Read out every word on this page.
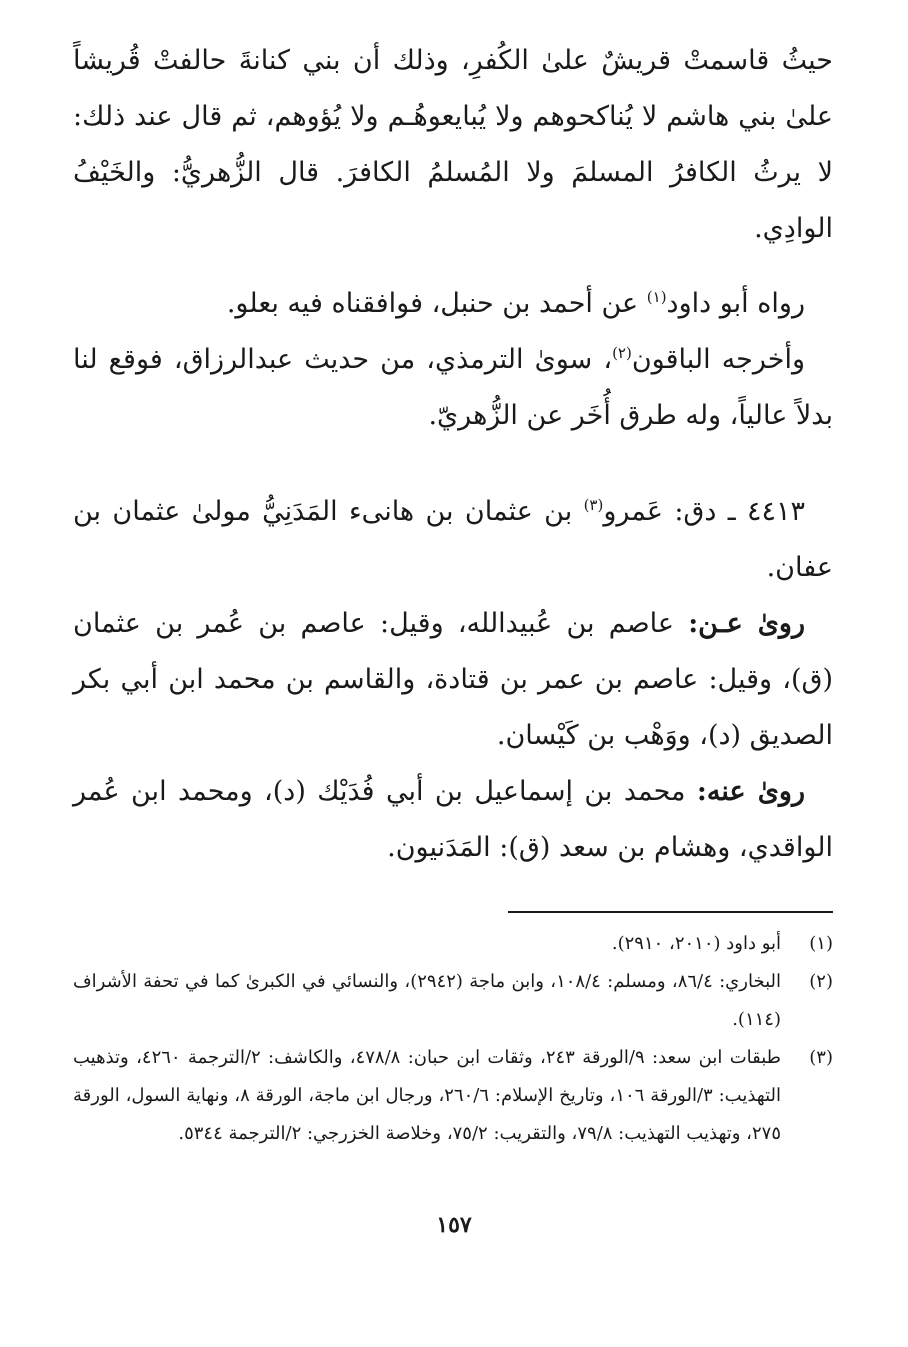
حيثُ قاسمتْ قريشٌ علىٰ الكُفرِ، وذلك أن بني كنانةَ حالفتْ قُريشاً علىٰ بني هاشم لا يُناكحوهم ولا يُبايعوهُـم ولا يُؤوهم، ثم قال عند ذلك: لا يرثُ الكافرُ المسلمَ ولا المُسلمُ الكافرَ. قال الزُّهريُّ: والخَيْفُ الوادِي.

رواه أبو داود$^{(١)}$ عن أحمد بن حنبل، فوافقناه فيه بعلو.

وأخرجه الباقون$^{(٢)}$، سوىٰ الترمذي، من حديث عبدالرزاق، فوقع لنا بدلاً عالياً، وله طرق أُخَر عن الزُّهريّ.

٤٤١٣ ـ دق: عَمرو$^{(٣)}$ بن عثمان بن هانىء المَدَنِيُّ مولىٰ عثمان بن عفان.

روىٰ عـن: عاصم بن عُبيدالله، وقيل: عاصم بن عُمر بن عثمان (ق)، وقيل: عاصم بن عمر بن قتادة، والقاسم بن محمد ابن أبي بكر الصديق (د)، ووَهْب بن كَيْسان.

روىٰ عنه: محمد بن إسماعيل بن أبي فُدَيْك (د)، ومحمد ابن عُمر الواقدي، وهشام بن سعد (ق): المَدَنيون.

(١)
أبو داود (٢٠١٠، ٢٩١٠).
(٢)
البخاري: ٨٦/٤، ومسلم: ١٠٨/٤، وابن ماجة (٢٩٤٢)، والنسائي في الكبرىٰ كما في تحفة الأشراف (١١٤).
(٣)
طبقات ابن سعد: ٩/الورقة ٢٤٣، وثقات ابن حبان: ٤٧٨/٨، والكاشف: ٢/الترجمة ٤٢٦٠، وتذهيب التهذيب: ٣/الورقة ١٠٦، وتاريخ الإسلام: ٢٦٠/٦، ورجال ابن ماجة، الورقة ٨، ونهاية السول، الورقة ٢٧٥، وتهذيب التهذيب: ٧٩/٨، والتقريب: ٧٥/٢، وخلاصة الخزرجي: ٢/الترجمة ٥٣٤٤.
١٥٧
